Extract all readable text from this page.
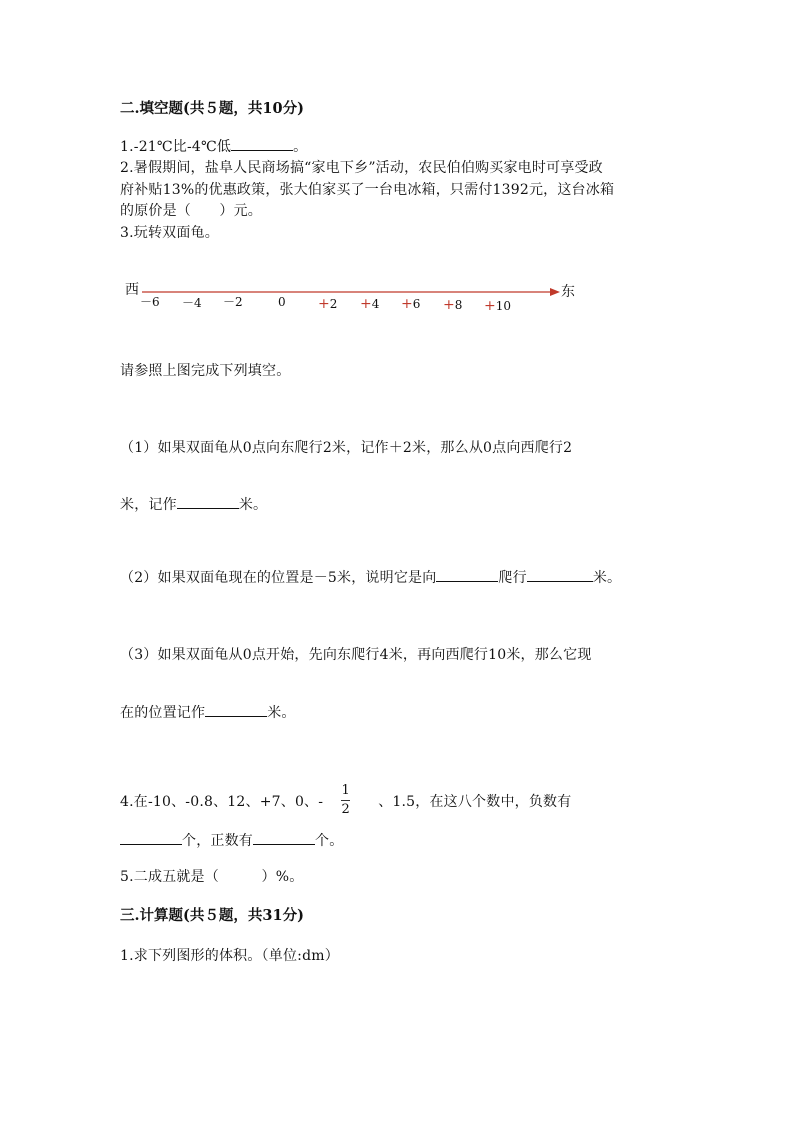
二.填空题(共５题，共10分)
1.-21℃比-4℃低	。
2.暑假期间，盐阜人民商场搞“家电下乡”活动，农民伯伯购买家电时可享受政
府补贴13%的优惠政策，张大伯家买了一台电冰箱，只需付1392元，这台冰箱
的原价是（　　）元。
3.玩转双面龟。
西	东
－6 －4 －2	0 +2 +4 +6 +8 +10
请参照上图完成下列填空。
（1）如果双面龟从0点向东爬行2米，记作＋2米，那么从0点向西爬行2
米，记作	米。
（2）如果双面龟现在的位置是－5米，说明它是向	爬行	米。
（3）如果双面龟从0点开始，先向东爬行4米，再向西爬行10米，那么它现
在的位置记作	米。
4.在-10、-0.8、12、+7、0、- $\frac{1}{2}$ 、1.5，在这八个数中，负数有
个，正数有	个。
5.二成五就是（　　　）%。
三.计算题(共５题，共31分)
1.求下列图形的体积。（单位:dm）
